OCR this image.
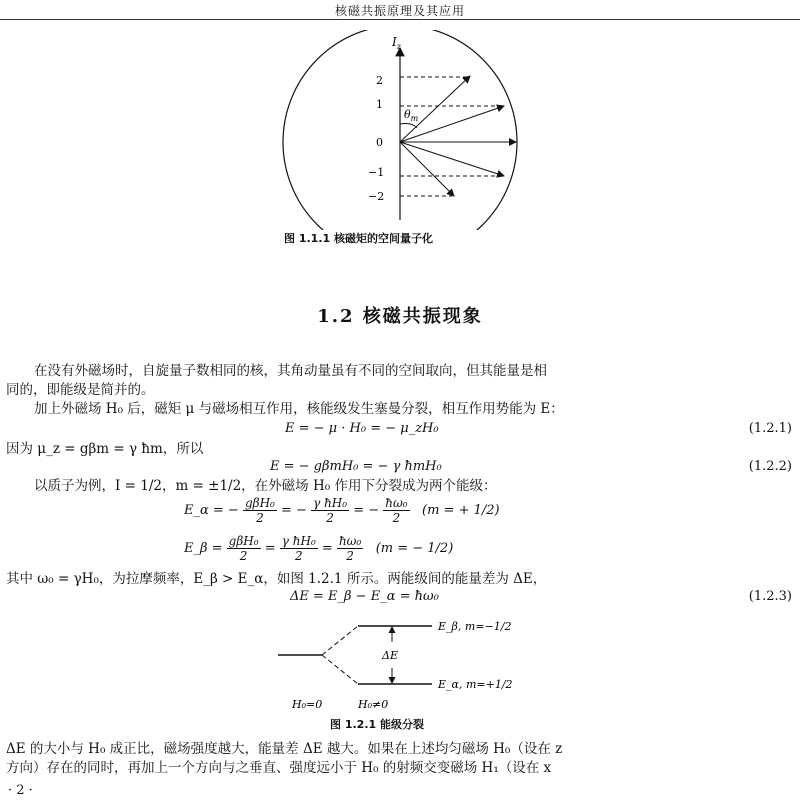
核磁共振原理及其应用
$I_z$
2
1
0
−1
−2
$\theta_m$
图 1.1.1 核磁矩的空间量子化
1.2 核磁共振现象
在没有外磁场时，自旋量子数相同的核，其角动量虽有不同的空间取向，但其能量是相
同的，即能级是简并的。
加上外磁场 H₀ 后，磁矩 μ 与磁场相互作用，核能级发生塞曼分裂，相互作用势能为 E：
E = − μ · H₀ = − μ_zH₀	(1.2.1)
因为 μ_z = gβm = γ ħm，所以
E = − gβmH₀ = − γ ħmH₀	(1.2.2)
以质子为例，I = 1/2，m = ±1/2，在外磁场 H₀ 作用下分裂成为两个能级：
E_α = − $\frac{\text{gβH₀}}{2}$ = − $\frac{\text{γ ħH₀}}{2}$ = − $\frac{\text{ħω₀}}{2} (m$ = + 1/2)
E_β = $\frac{\text{gβH₀}}{2} = \frac{\text{γ ħH₀}}{2} = \frac{\text{ħω₀}}{2} (m$ = − 1/2)
其中 ω₀ = γH₀，为拉摩频率，E_β > E_α，如图 1.2.1 所示。两能级间的能量差为 ΔE，
ΔE = E_β − E_α = ħω₀	(1.2.3)
ΔE
E_β, m=−1/2
E_α, m=+1/2
H₀=0	H₀≠0
图 1.2.1 能级分裂
ΔE 的大小与 H₀ 成正比，磁场强度越大，能量差 ΔE 越大。如果在上述均匀磁场 H₀（设在 z
方向）存在的同时，再加上一个方向与之垂直、强度远小于 H₀ 的射频交变磁场 H₁（设在 x
· 2 ·
